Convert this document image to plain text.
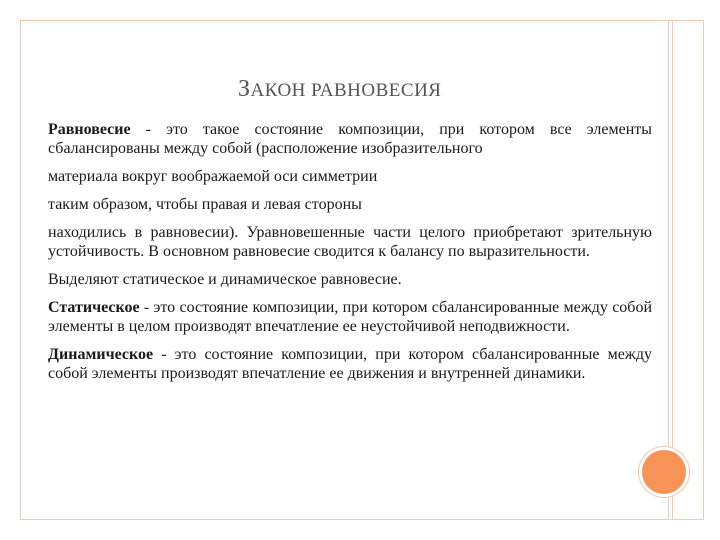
ЗАКОН РАВНОВЕСИЯ

Равновесие - это такое состояние композиции, при котором все элементы сбалансированы между собой (расположение изобразительного

материала вокруг воображаемой оси симметрии

таким образом, чтобы правая и левая стороны

находились в равновесии). Уравновешенные части целого приобретают зрительную устойчивость. В основном равновесие сводится к балансу по выразительности.

Выделяют статическое и динамическое равновесие.

Статическое - это состояние композиции, при котором сбалансированные между собой элементы в целом производят впечатление ее неустойчивой неподвижности.

Динамическое - это состояние композиции, при котором сбалансированные между собой элементы производят впечатление ее движения и внутренней динамики.
